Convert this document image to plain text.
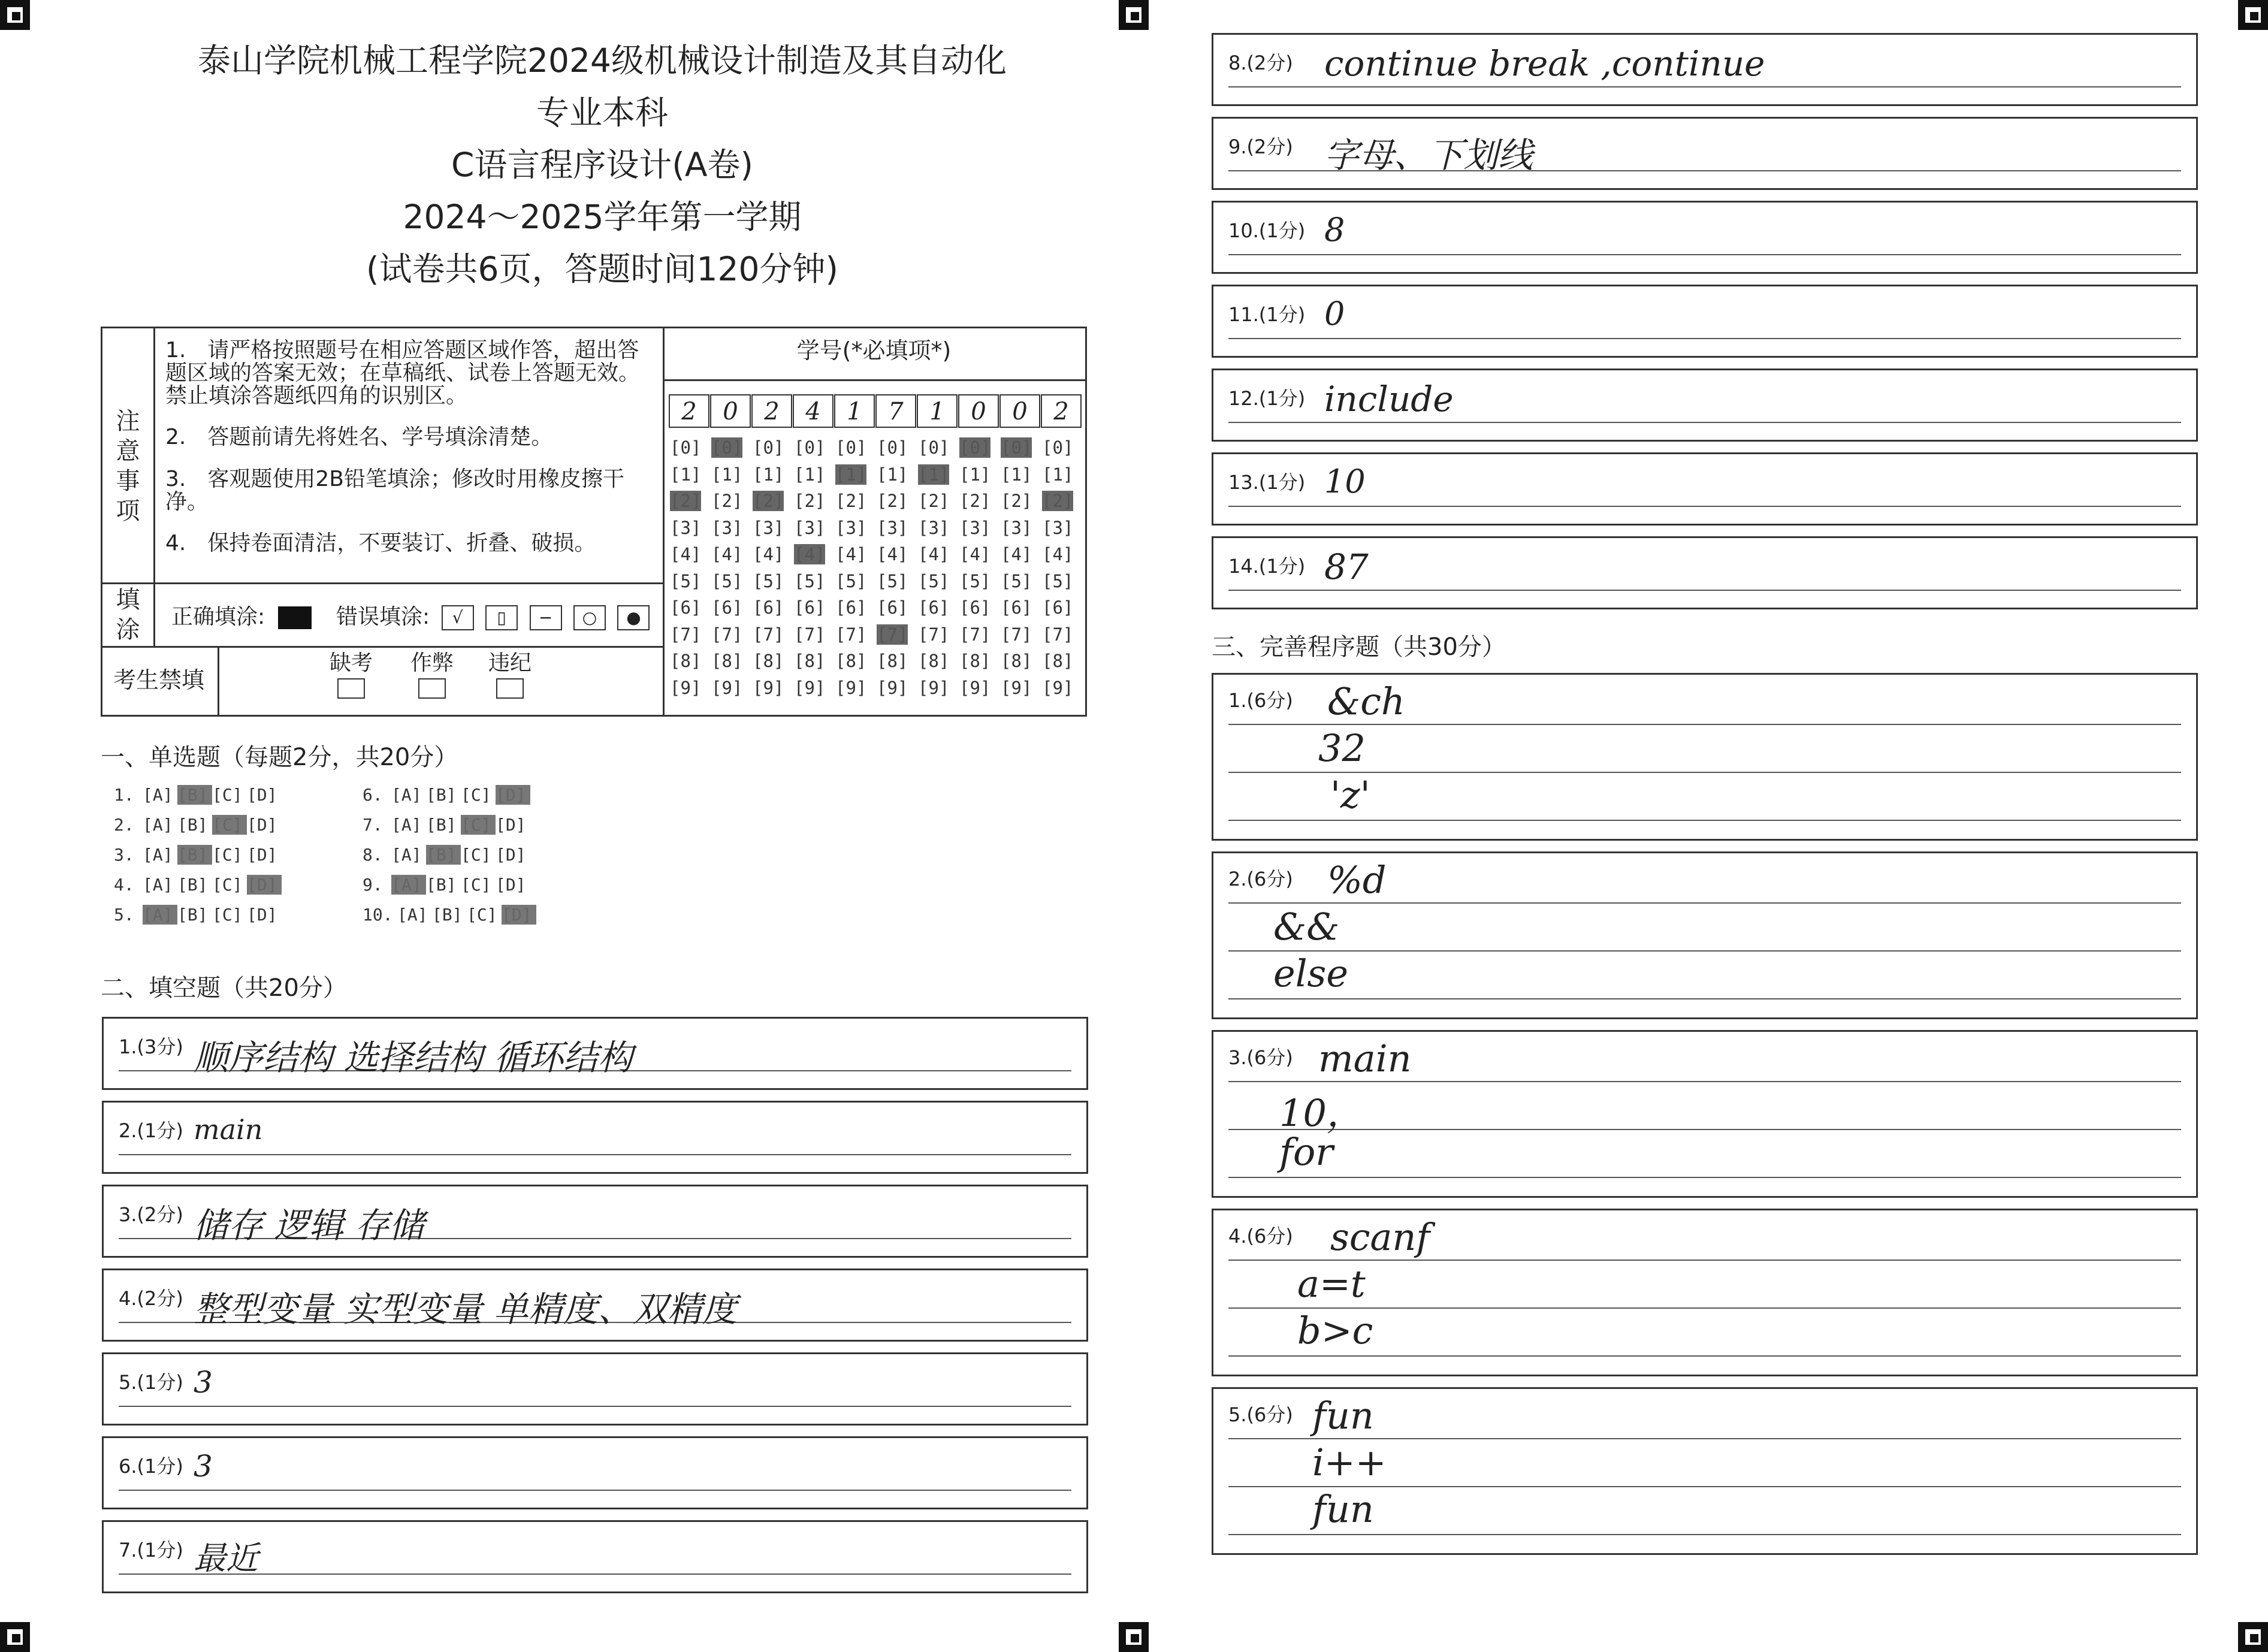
泰山学院机械工程学院2024级机械设计制造及其自动化
专业本科
C语言程序设计(A卷)
2024～2025学年第一学期
(试卷共6页，答题时间120分钟)
注意事项
1.　请严格按照题号在相应答题区域作答，超出答题区域的答案无效；在草稿纸、试卷上答题无效。禁止填涂答题纸四角的识别区。
2.　答题前请先将姓名、学号填涂清楚。
3.　客观题使用2B铅笔填涂；修改时用橡皮擦干净。
4.　保持卷面清洁，不要装订、折叠、破损。
填涂 正确填涂:	错误填涂: √ ▯ − ○ ●
考生禁填
缺考 作弊 违纪
学号(*必填项*)
2	0	2	4	1	7	1	0	0	2
[0] [0] [0] [0] [0] [0] [0] [0] [0] [0]
[1] [1] [1] [1] [1] [1] [1] [1] [1] [1]
[2] [2] [2] [2] [2] [2] [2] [2] [2] [2]
[3] [3] [3] [3] [3] [3] [3] [3] [3] [3]
[4] [4] [4] [4] [4] [4] [4] [4] [4] [4]
[5] [5] [5] [5] [5] [5] [5] [5] [5] [5]
[6] [6] [6] [6] [6] [6] [6] [6] [6] [6]
[7] [7] [7] [7] [7] [7] [7] [7] [7] [7]
[8] [8] [8] [8] [8] [8] [8] [8] [8] [8]
[9] [9] [9] [9] [9] [9] [9] [9] [9] [9]
一、单选题（每题2分，共20分）
1. [A] [B] [C] [D]
2. [A] [B] [C] [D]
3. [A] [B] [C] [D]
4. [A] [B] [C] [D]
5. [A] [B] [C] [D]
6. [A] [B] [C] [D]
7. [A] [B] [C] [D]
8. [A] [B] [C] [D]
9. [A] [B] [C] [D]
10. [A] [B] [C] [D]
二、填空题（共20分）
1.(3分) 顺序结构 选择结构 循环结构
2.(1分) main
3.(2分) 储存 逻辑 存储
4.(2分) 整型变量 实型变量 单精度、双精度
5.(1分) 3
6.(1分) 3
7.(1分) 最近
8.(2分) continue break ,continue
9.(2分) 字母、下划线
10.(1分) 8
11.(1分) 0
12.(1分) include
13.(1分) 10
14.(1分) 87
三、完善程序题（共30分）
1.(6分) &ch
32
'z'
2.(6分) %d
&&
else
3.(6分) main
10，
for
4.(6分) scanf
a=t
b>c
5.(6分) fun
i++
fun
